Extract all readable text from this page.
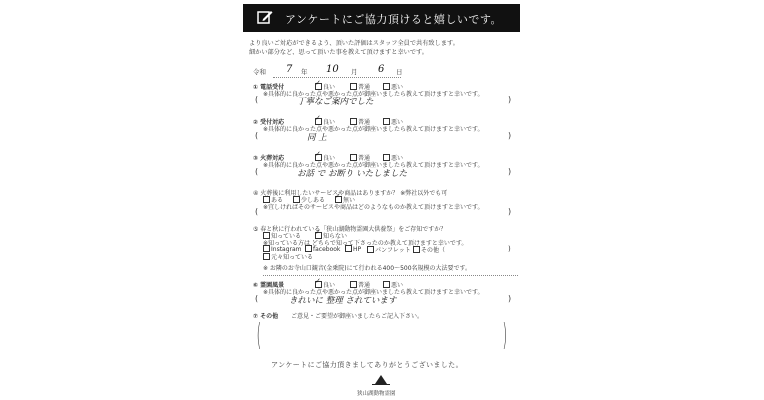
アンケートにご協力頂けると嬉しいです。
より良いご対応ができるよう、頂いた評価はスタッフ全員で共有致します。
細かい部分など、思って頂いた事を教えて頂けますと幸いです。
令和 7 年 10 月 6 日
① 電話受付 ✓	良い	普通	悪い
※具体的に良かった点や悪かった点が御座いましたら教えて頂けますと幸いです。
(	丁寧なご案内でした	)
② 受付対応 ✓	良い	普通	悪い
※具体的に良かった点や悪かった点が御座いましたら教えて頂けますと幸いです。
(	同 上	)
③ 火葬対応 ✓	良い	普通	悪い
※具体的に良かった点や悪かった点が御座いましたら教えて頂けますと幸いです。
(	お話 で お断り いたしました	)
④ 火葬後に利用したいサービスや商品はありますか？ ※弊社以外でも可
ある	少しある ✓	無い
※宜しければそのサービスや商品はどのようなものか教えて頂けますと幸いです。
(	)
⑤ 春と秋に行われている「狭山湖動物霊園大供養祭」をご存知ですか？
知っている ✓	知らない
※知っている方は どちらで知って下さったのか教えて頂けますと幸いです。
Instagram	facebook	HP	パンフレット	その他（	)
元々知っている
※ お隣のお寺山口観音(金乗院)にて行われる400～500名規模の大法要です。
⑥ 霊園風景 ✓	良い	普通	悪い
※具体的に良かった点や悪かった点が御座いましたら教えて頂けますと幸いです。
(	きれいに 整理 されています	)
⑦ その他 ご意見・ご要望が御座いましたらご記入下さい。
(	)
アンケートにご協力頂きましてありがとうございました。
狭山湖動物霊園
